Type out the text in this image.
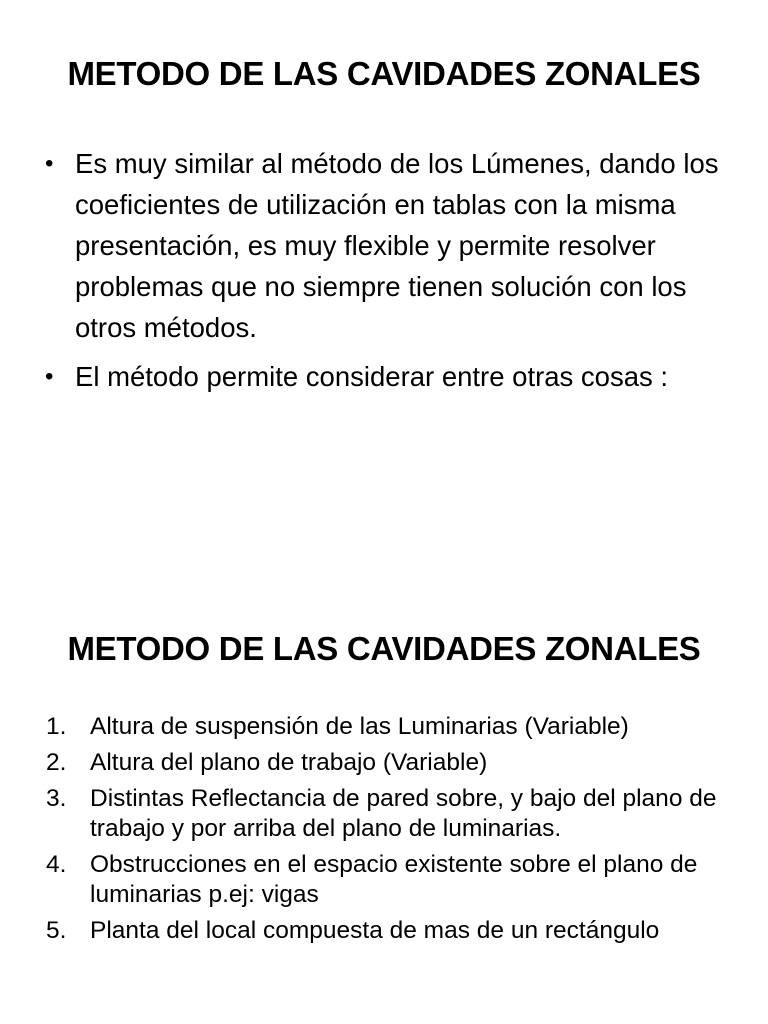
METODO DE LAS CAVIDADES ZONALES
• Es muy similar al método de los Lúmenes, dando los coeficientes de utilización en tablas con la misma presentación, es muy flexible y permite resolver problemas que no siempre tienen solución con los otros métodos.
• El método permite considerar entre otras cosas :
METODO DE LAS CAVIDADES ZONALES
1. Altura de suspensión de las Luminarias (Variable)
2. Altura del plano de trabajo (Variable)
3. Distintas Reflectancia de pared sobre, y bajo del plano de trabajo y por arriba del plano de luminarias.
4. Obstrucciones en el espacio existente sobre el plano de luminarias p.ej: vigas
5. Planta del local compuesta de mas de un rectángulo
